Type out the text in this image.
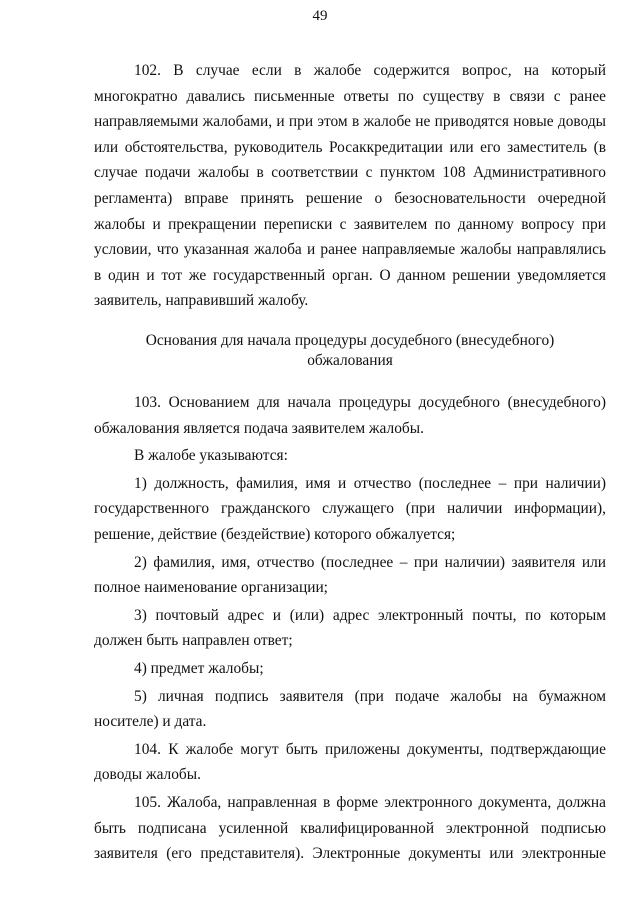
49

102. В случае если в жалобе содержится вопрос, на который многократно давались письменные ответы по существу в связи с ранее направляемыми жалобами, и при этом в жалобе не приводятся новые доводы или обстоятельства, руководитель Росаккредитации или его заместитель (в случае подачи жалобы в соответствии с пунктом 108 Административного регламента) вправе принять решение о безосновательности очередной жалобы и прекращении переписки с заявителем по данному вопросу при условии, что указанная жалоба и ранее направляемые жалобы направлялись в один и тот же государственный орган. О данном решении уведомляется заявитель, направивший жалобу.

Основания для начала процедуры досудебного (внесудебного)
обжалования

103. Основанием для начала процедуры досудебного (внесудебного) обжалования является подача заявителем жалобы.

В жалобе указываются:

1) должность, фамилия, имя и отчество (последнее – при наличии) государственного гражданского служащего (при наличии информации), решение, действие (бездействие) которого обжалуется;

2) фамилия, имя, отчество (последнее – при наличии) заявителя или полное наименование организации;

3) почтовый адрес и (или) адрес электронный почты, по которым должен быть направлен ответ;

4) предмет жалобы;

5) личная подпись заявителя (при подаче жалобы на бумажном носителе) и дата.

104. К жалобе могут быть приложены документы, подтверждающие доводы жалобы.

105. Жалоба, направленная в форме электронного документа, должна быть подписана усиленной квалифицированной электронной подписью заявителя (его представителя). Электронные документы или электронные
